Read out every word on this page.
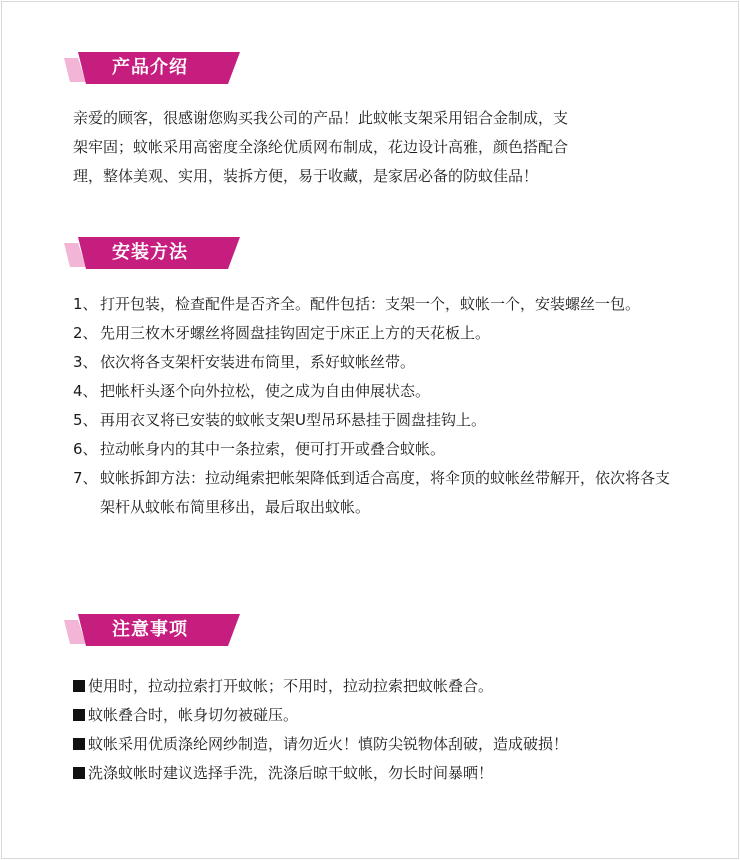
产品介绍
亲爱的顾客，很感谢您购买我公司的产品！此蚊帐支架采用铝合金制成，支
架牢固；蚊帐采用高密度全涤纶优质网布制成，花边设计高雅，颜色搭配合
理，整体美观、实用，装拆方便，易于收藏，是家居必备的防蚊佳品！
安装方法
1、 打开包装，检查配件是否齐全。配件包括：支架一个，蚊帐一个，安装螺丝一包。
2、 先用三枚木牙螺丝将圆盘挂钩固定于床正上方的天花板上。
3、 依次将各支架杆安装进布筒里，系好蚊帐丝带。
4、 把帐杆头逐个向外拉松，使之成为自由伸展状态。
5、 再用衣叉将已安装的蚊帐支架U型吊环悬挂于圆盘挂钩上。
6、 拉动帐身内的其中一条拉索，便可打开或叠合蚊帐。
7、 蚊帐拆卸方法：拉动绳索把帐架降低到适合高度，将伞顶的蚊帐丝带解开，依次将各支架杆从蚊帐布简里移出，最后取出蚊帐。
注意事项
使用时，拉动拉索打开蚊帐；不用时，拉动拉索把蚊帐叠合。
蚊帐叠合时，帐身切勿被碰压。
蚊帐采用优质涤纶网纱制造，请勿近火！慎防尖锐物体刮破，造成破损！
洗涤蚊帐时建议选择手洗，洗涤后晾干蚊帐，勿长时间暴晒！
